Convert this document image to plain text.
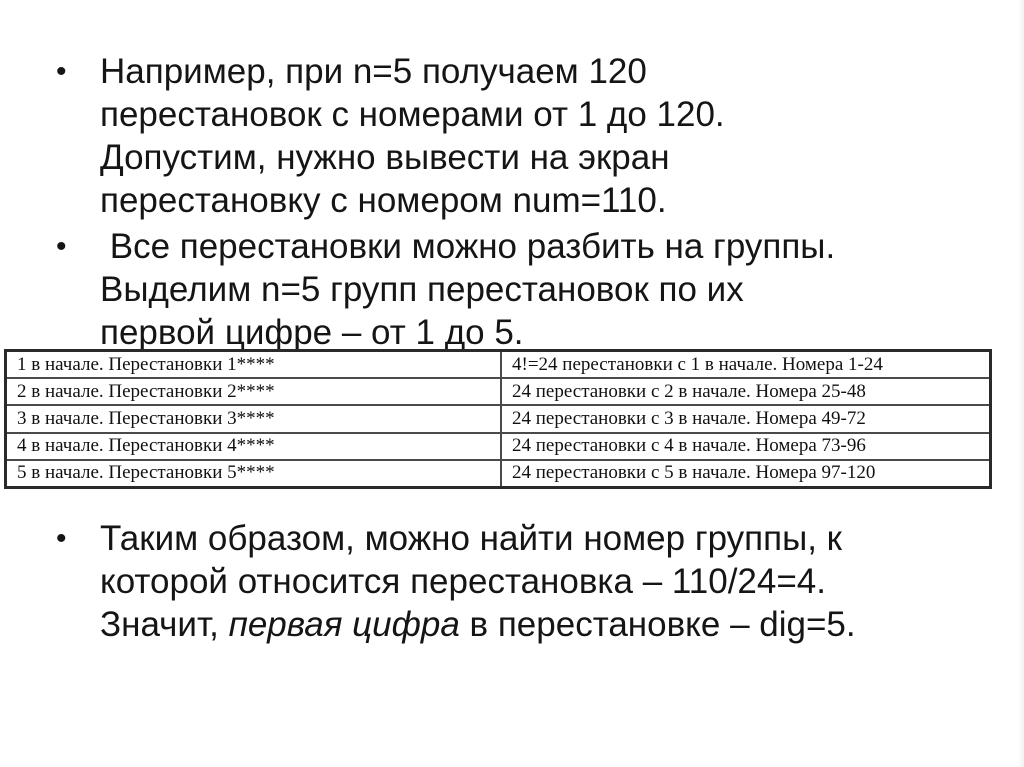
• Например, при n=5 получаем 120
перестановок с номерами от 1 до 120.
Допустим, нужно вывести на экран
перестановку с номером num=110.
• Все перестановки можно разбить на группы.
Выделим n=5 групп перестановок по их
первой цифре – от 1 до 5.
1 в начале. Перестановки 1****	4!=24 перестановки с 1 в начале. Номера 1-24
2 в начале. Перестановки 2****	24 перестановки с 2 в начале. Номера 25-48
3 в начале. Перестановки 3****	24 перестановки с 3 в начале. Номера 49-72
4 в начале. Перестановки 4****	24 перестановки с 4 в начале. Номера 73-96
5 в начале. Перестановки 5****	24 перестановки с 5 в начале. Номера 97-120
• Таким образом, можно найти номер группы, к
которой относится перестановка – 110/24=4.
Значит, первая цифра в перестановке – dig=5.
